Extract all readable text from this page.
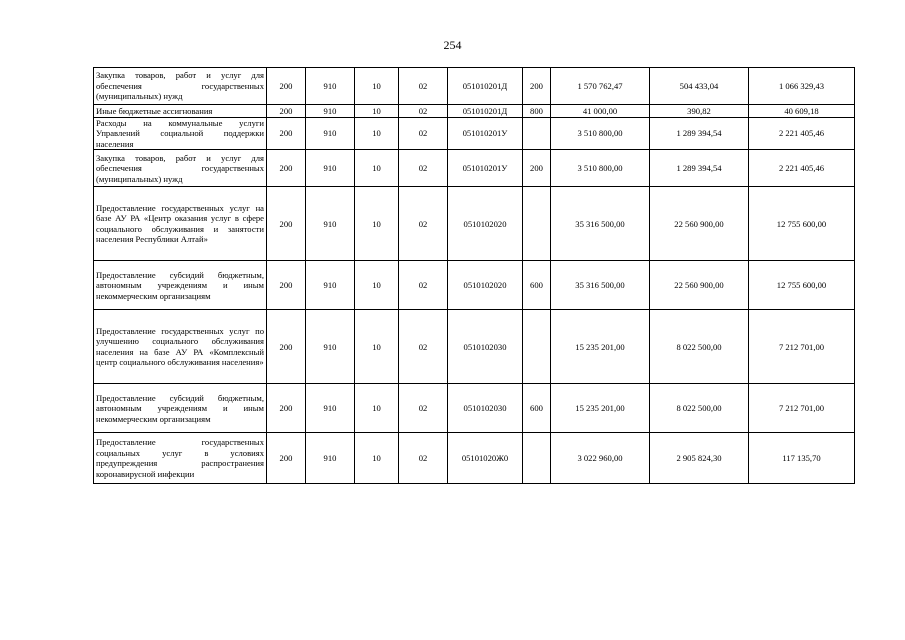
254
Закупка товаров, работ и услуг для обеспечения государственных (муниципальных) нужд	200	910	10	02	051010201Д	200	1 570 762,47	504 433,04	1 066 329,43
Иные бюджетные ассигнования	200	910	10	02	051010201Д	800	41 000,00	390,82	40 609,18
Расходы на коммунальные услуги Управлений социальной поддержки населения	200	910	10	02	051010201У		3 510 800,00	1 289 394,54	2 221 405,46
Закупка товаров, работ и услуг для обеспечения государственных (муниципальных) нужд	200	910	10	02	051010201У	200	3 510 800,00	1 289 394,54	2 221 405,46
Предоставление государственных услуг на базе АУ РА «Центр оказания услуг в сфере социального обслуживания и занятости населения Республики Алтай»	200	910	10	02	0510102020		35 316 500,00	22 560 900,00	12 755 600,00
Предоставление субсидий бюджетным, автономным учреждениям и иным некоммерческим организациям	200	910	10	02	0510102020	600	35 316 500,00	22 560 900,00	12 755 600,00
Предоставление государственных услуг по улучшению социального обслуживания населения на базе АУ РА «Комплексный центр социального обслуживания населения»	200	910	10	02	0510102030		15 235 201,00	8 022 500,00	7 212 701,00
Предоставление субсидий бюджетным, автономным учреждениям и иным некоммерческим организациям	200	910	10	02	0510102030	600	15 235 201,00	8 022 500,00	7 212 701,00
Предоставление государственных социальных услуг в условиях предупреждения распространения коронавирусной инфекции	200	910	10	02	05101020Ж0		3 022 960,00	2 905 824,30	117 135,70
